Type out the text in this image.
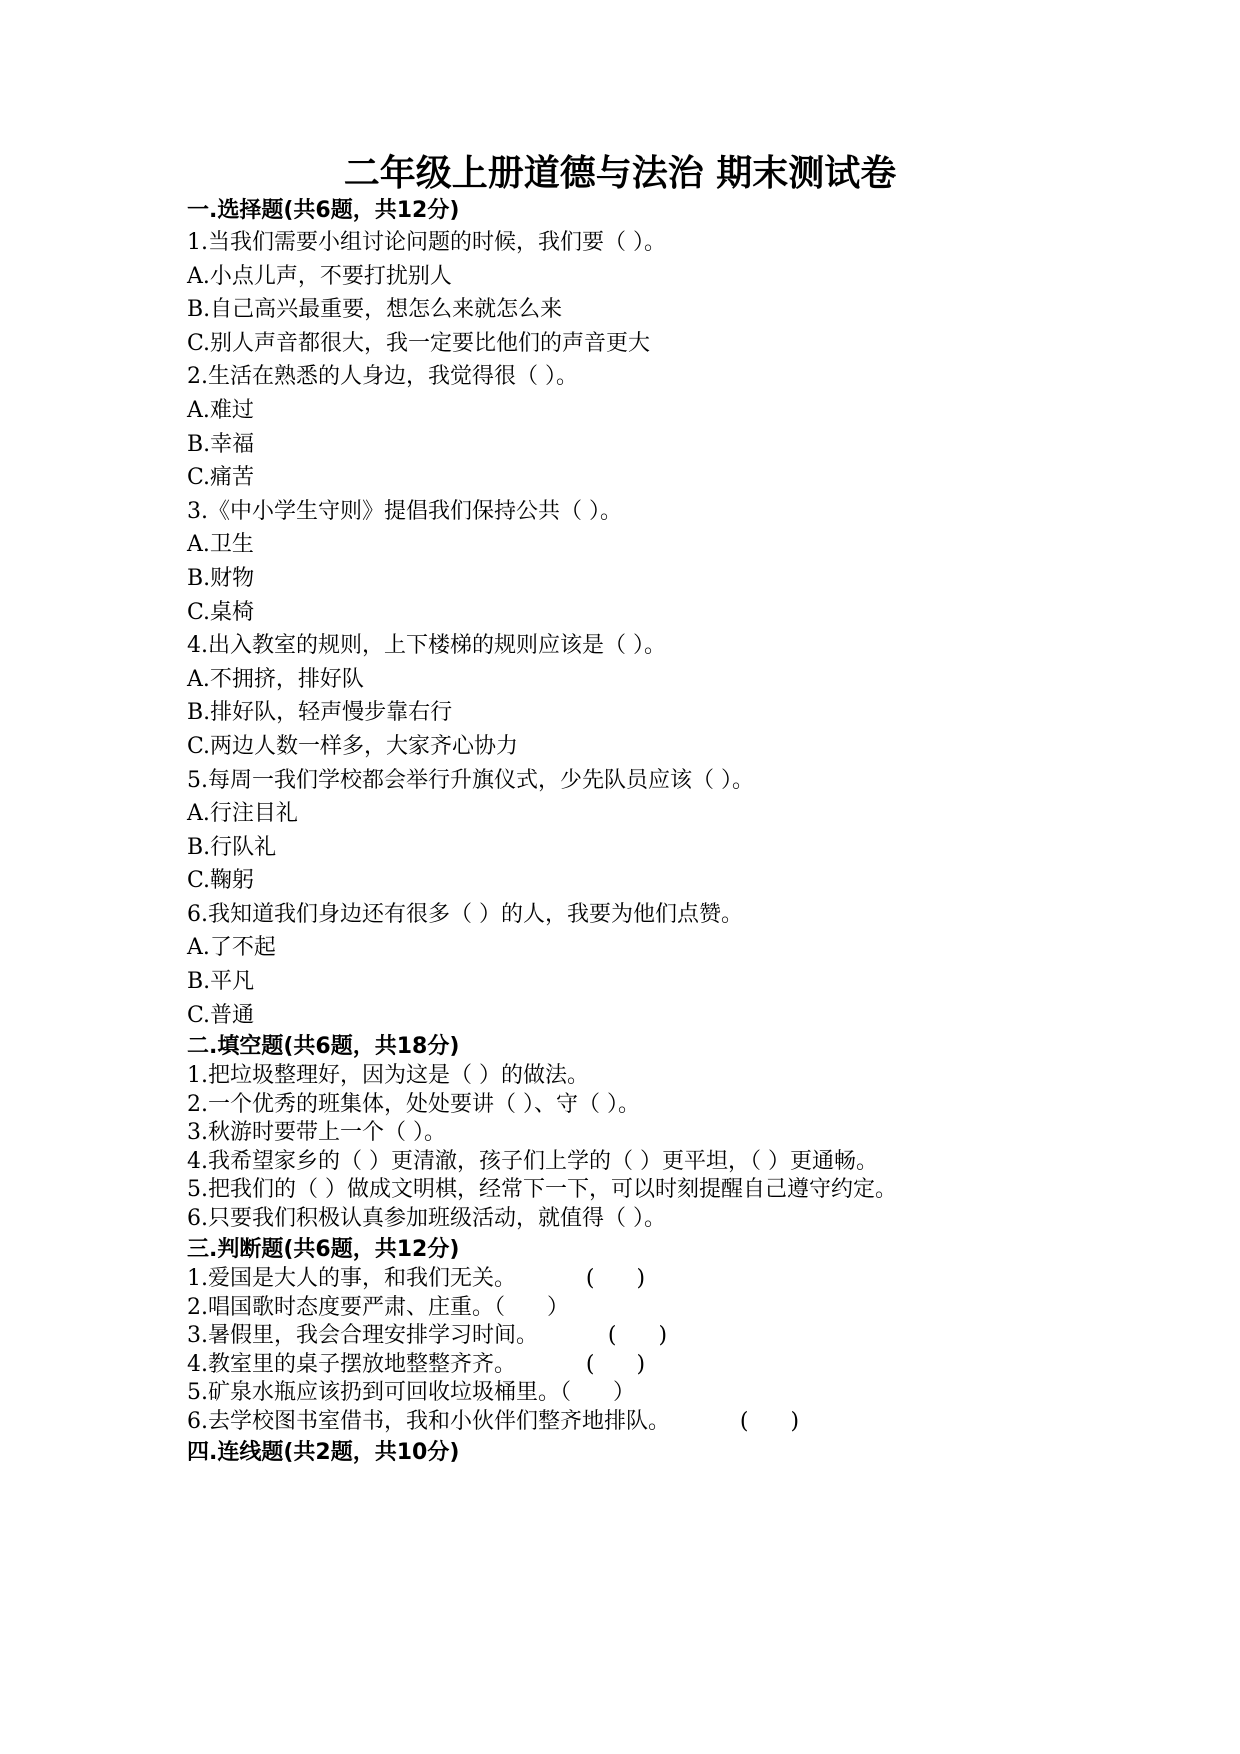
二年级上册道德与法治 期末测试卷
一.选择题(共6题，共12分)
1.当我们需要小组讨论问题的时候，我们要（ ）。
A.小点儿声，不要打扰别人
B.自己高兴最重要，想怎么来就怎么来
C.别人声音都很大，我一定要比他们的声音更大
2.生活在熟悉的人身边，我觉得很（ ）。
A.难过
B.幸福
C.痛苦
3.《中小学生守则》提倡我们保持公共（ ）。
A.卫生
B.财物
C.桌椅
4.出入教室的规则，上下楼梯的规则应该是（ ）。
A.不拥挤，排好队
B.排好队，轻声慢步靠右行
C.两边人数一样多，大家齐心协力
5.每周一我们学校都会举行升旗仪式，少先队员应该（ ）。
A.行注目礼
B.行队礼
C.鞠躬
6.我知道我们身边还有很多（ ）的人，我要为他们点赞。
A.了不起
B.平凡
C.普通
二.填空题(共6题，共18分)
1.把垃圾整理好，因为这是（ ）的做法。
2.一个优秀的班集体，处处要讲（ ）、守（ ）。
3.秋游时要带上一个（ ）。
4.我希望家乡的（ ）更清澈，孩子们上学的（ ）更平坦，（ ）更通畅。
5.把我们的（ ）做成文明棋，经常下一下，可以时刻提醒自己遵守约定。
6.只要我们积极认真参加班级活动，就值得（ ）。
三.判断题(共6题，共12分)
1.爱国是大人的事，和我们无关。          (      )
2.唱国歌时态度要严肃、庄重。（      ）
3.暑假里，我会合理安排学习时间。          (      )
4.教室里的桌子摆放地整整齐齐。          (      )
5.矿泉水瓶应该扔到可回收垃圾桶里。（      ）
6.去学校图书室借书，我和小伙伴们整齐地排队。          (      )
四.连线题(共2题，共10分)
